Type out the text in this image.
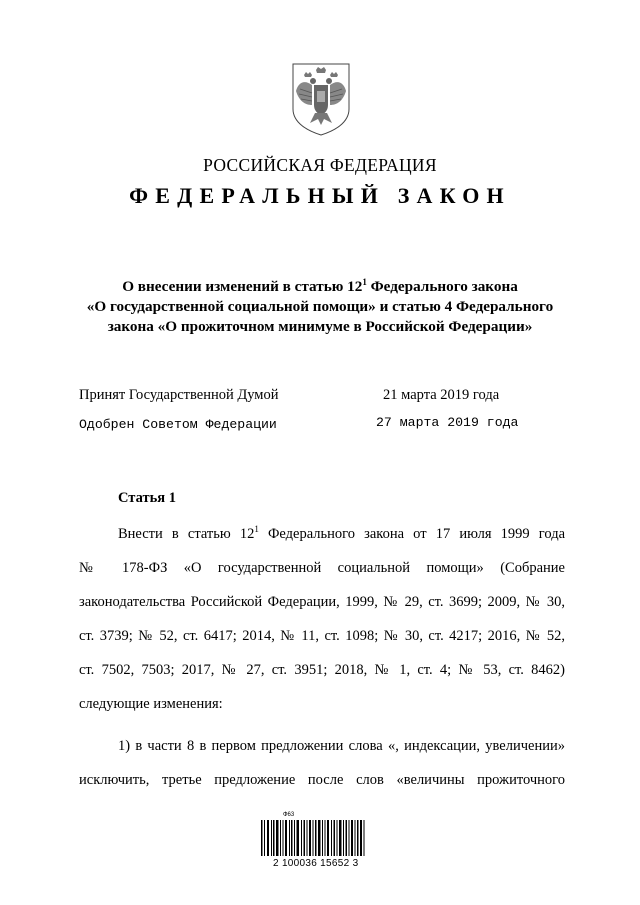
РОССИЙСКАЯ ФЕДЕРАЦИЯ
ФЕДЕРАЛЬНЫЙ ЗАКОН
О внесении изменений в статью $12^1$ Федерального закона
«О государственной социальной помощи» и статью 4 Федерального
закона «О прожиточном минимуме в Российской Федерации»
Принят Государственной Думой	21 марта 2019 года
Одобрен Советом Федерации	27 марта 2019 года
Статья 1
Внести в статью $12^1$ Федерального закона от 17 июля 1999 года
№ 178-ФЗ «О государственной социальной помощи» (Собрание
законодательства Российской Федерации, 1999, № 29, ст. 3699; 2009, № 30,
ст. 3739; № 52, ст. 6417; 2014, № 11, ст. 1098; № 30, ст. 4217; 2016, № 52,
ст. 7502, 7503; 2017, № 27, ст. 3951; 2018, № 1, ст. 4; № 53, ст. 8462)
следующие изменения:
1) в части 8 в первом предложении слова «, индексации, увеличении»
исключить, третье предложение после слов «величины прожиточного
Ф63
2 100036 15652 3
